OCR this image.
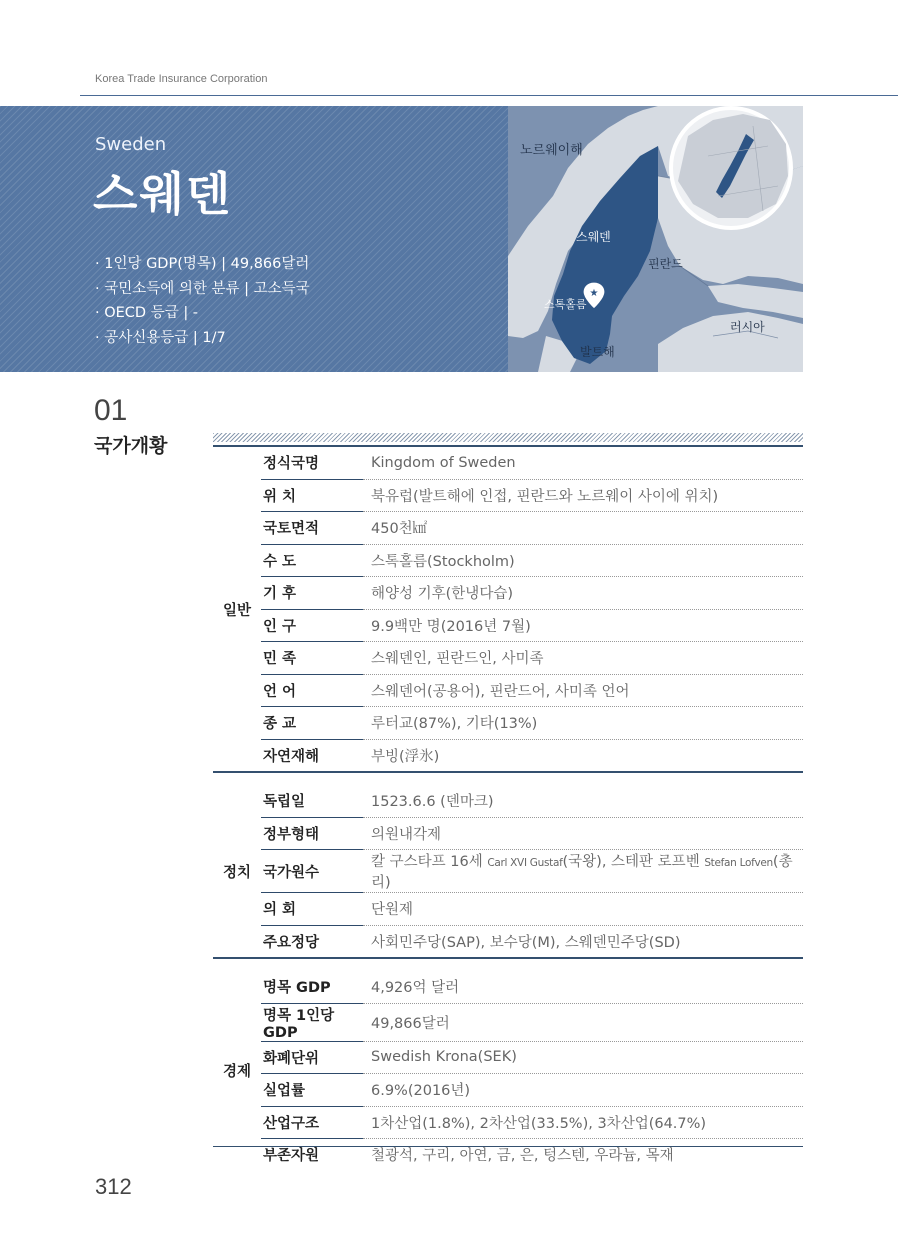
Korea Trade Insurance Corporation
Sweden
스웨덴
· 1인당 GDP(명목) | 49,866달러
· 국민소득에 의한 분류 | 고소득국
· OECD 등급 | -
· 공사신용등급 | 1/7
노르웨이해
스웨덴
핀란드
스톡홀름
러시아
발트해
★
01
국가개황
일반	정식국명	Kingdom of Sweden
	위 치	북유럽(발트해에 인접, 핀란드와 노르웨이 사이에 위치)
	국토면적	450천㎢
	수 도	스톡홀름(Stockholm)
	기 후	해양성 기후(한냉다습)
	인 구	9.9백만 명(2016년 7월)
	민 족	스웨덴인, 핀란드인, 사미족
	언 어	스웨덴어(공용어), 핀란드어, 사미족 언어
	종 교	루터교(87%), 기타(13%)
	자연재해	부빙(浮氷)

정치	독립일	1523.6.6 (덴마크)
	정부형태	의원내각제
	국가원수	칼 구스타프 16세 Carl XVI Gustaf(국왕), 스테판 로프벤 Stefan Lofven(총리)
	의 회	단원제
	주요정당	사회민주당(SAP), 보수당(M), 스웨덴민주당(SD)

경제	명목 GDP	4,926억 달러
	명목 1인당 GDP	49,866달러
	화폐단위	Swedish Krona(SEK)
	실업률	6.9%(2016년)
	산업구조	1차산업(1.8%), 2차산업(33.5%), 3차산업(64.7%)
	부존자원	철광석, 구리, 아연, 금, 은, 텅스텐, 우라늄, 목재
312
